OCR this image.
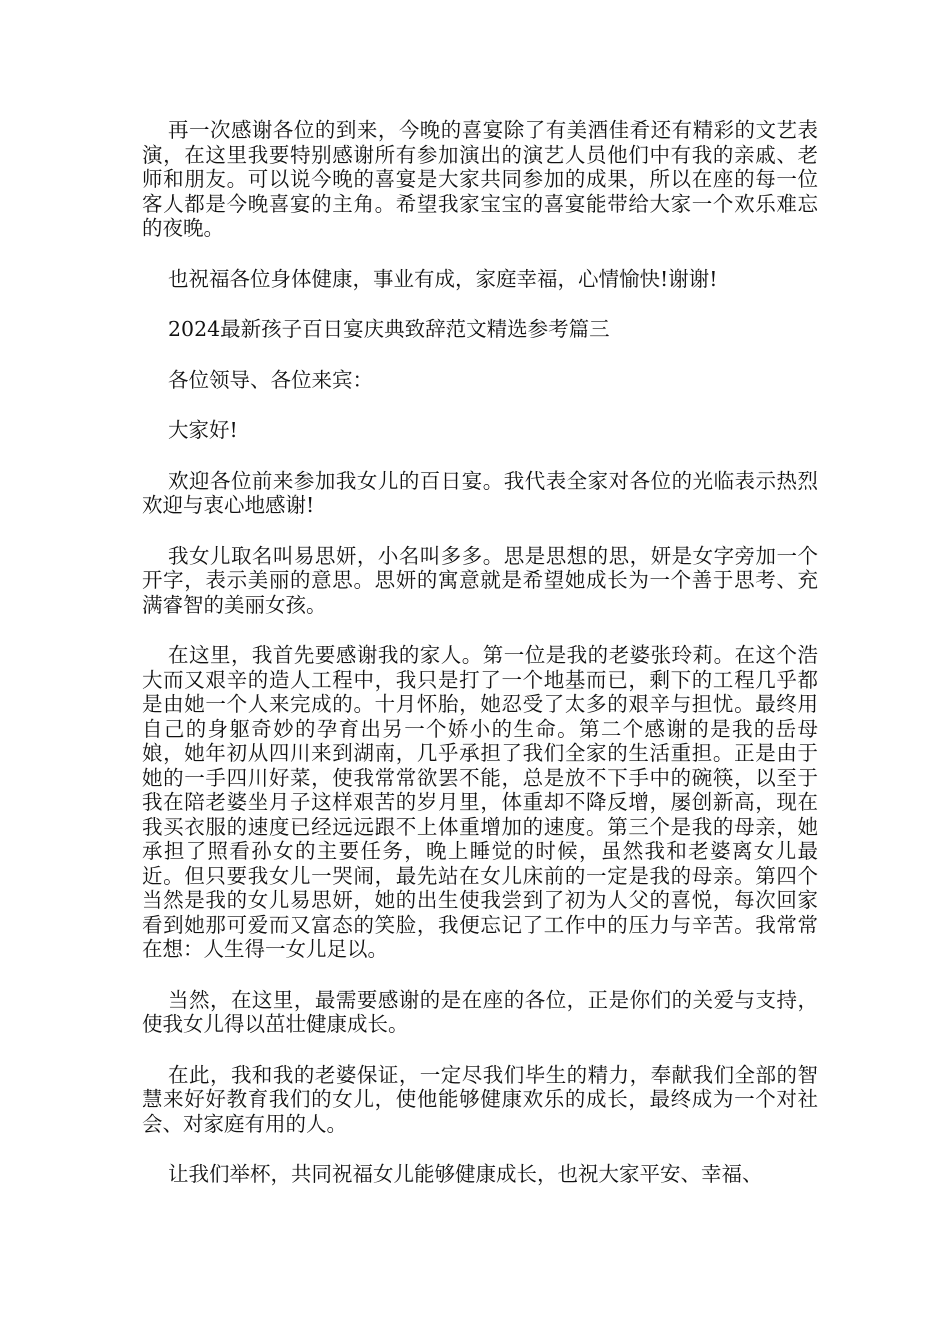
再一次感谢各位的到来，今晚的喜宴除了有美酒佳肴还有精彩的文艺表演，在这里我要特别感谢所有参加演出的演艺人员他们中有我的亲戚、老师和朋友。可以说今晚的喜宴是大家共同参加的成果，所以在座的每一位客人都是今晚喜宴的主角。希望我家宝宝的喜宴能带给大家一个欢乐难忘的夜晚。

也祝福各位身体健康，事业有成，家庭幸福，心情愉快!谢谢!

2024最新孩子百日宴庆典致辞范文精选参考篇三

各位领导、各位来宾：

大家好!

欢迎各位前来参加我女儿的百日宴。我代表全家对各位的光临表示热烈欢迎与衷心地感谢!

我女儿取名叫易思妍，小名叫多多。思是思想的思，妍是女字旁加一个开字，表示美丽的意思。思妍的寓意就是希望她成长为一个善于思考、充满睿智的美丽女孩。

在这里，我首先要感谢我的家人。第一位是我的老婆张玲莉。在这个浩大而又艰辛的造人工程中，我只是打了一个地基而已，剩下的工程几乎都是由她一个人来完成的。十月怀胎，她忍受了太多的艰辛与担忧。最终用自己的身躯奇妙的孕育出另一个娇小的生命。第二个感谢的是我的岳母娘，她年初从四川来到湖南，几乎承担了我们全家的生活重担。正是由于她的一手四川好菜，使我常常欲罢不能，总是放不下手中的碗筷，以至于我在陪老婆坐月子这样艰苦的岁月里，体重却不降反增，屡创新高，现在我买衣服的速度已经远远跟不上体重增加的速度。第三个是我的母亲，她承担了照看孙女的主要任务，晚上睡觉的时候，虽然我和老婆离女儿最近。但只要我女儿一哭闹，最先站在女儿床前的一定是我的母亲。第四个当然是我的女儿易思妍，她的出生使我尝到了初为人父的喜悦，每次回家看到她那可爱而又富态的笑脸，我便忘记了工作中的压力与辛苦。我常常在想：人生得一女儿足以。

当然，在这里，最需要感谢的是在座的各位，正是你们的关爱与支持，使我女儿得以茁壮健康成长。

在此，我和我的老婆保证，一定尽我们毕生的精力，奉献我们全部的智慧来好好教育我们的女儿，使他能够健康欢乐的成长，最终成为一个对社会、对家庭有用的人。

让我们举杯，共同祝福女儿能够健康成长，也祝大家平安、幸福、
